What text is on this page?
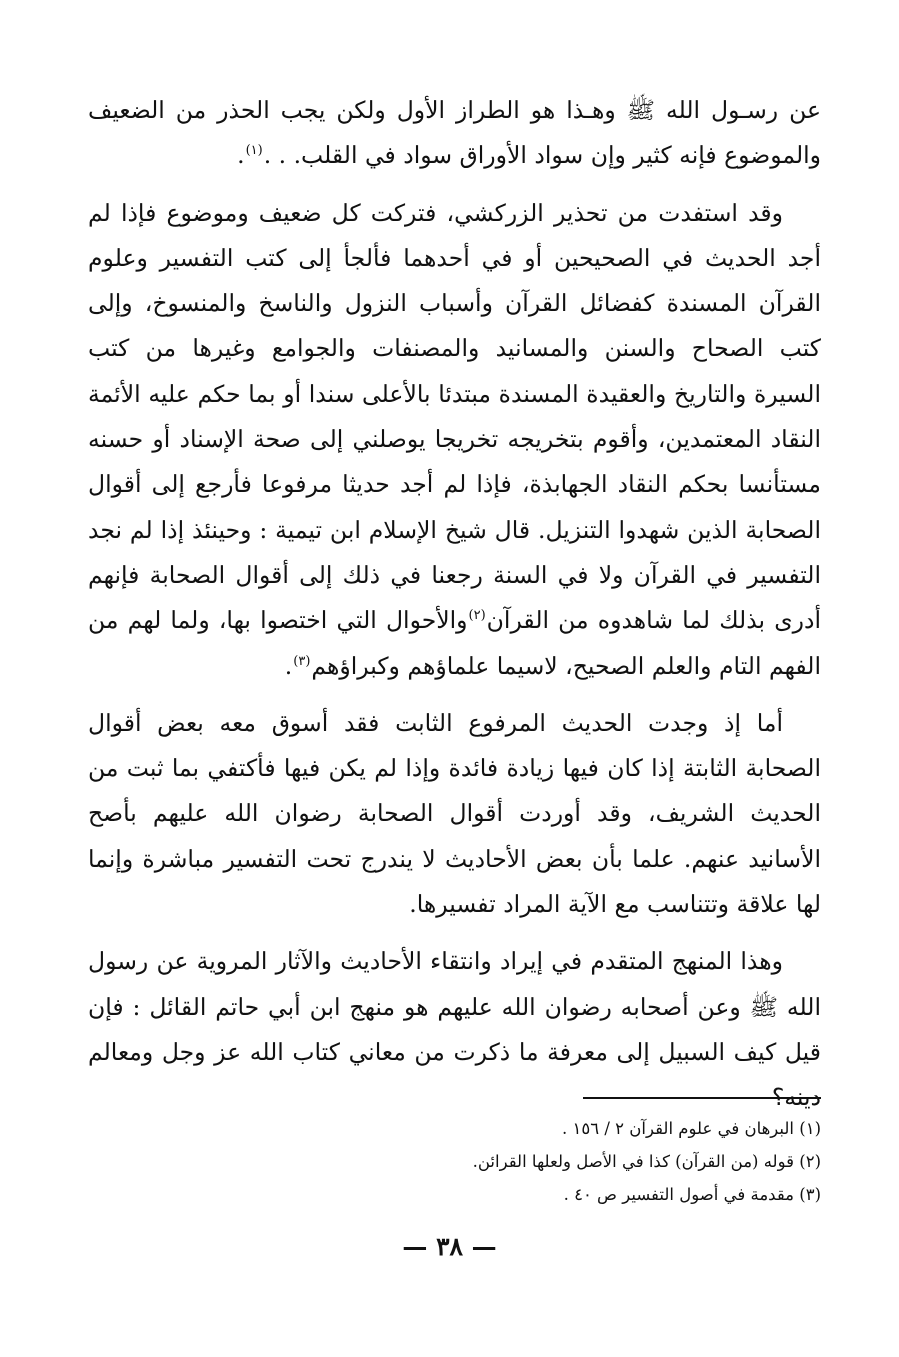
عن رسـول الله ﷺ وهـذا هو الطراز الأول ولكن يجب الحذر من الضعيف والموضوع فإنه كثير وإن سواد الأوراق سواد في القلب. . .$^{(١)}$.

وقد استفدت من تحذير الزركشي، فتركت كل ضعيف وموضوع فإذا لم أجد الحديث في الصحيحين أو في أحدهما فألجأ إلى كتب التفسير وعلوم القرآن المسندة كفضائل القرآن وأسباب النزول والناسخ والمنسوخ، وإلى كتب الصحاح والسنن والمسانيد والمصنفات والجوامع وغيرها من كتب السيرة والتاريخ والعقيدة المسندة مبتدئا بالأعلى سندا أو بما حكم عليه الأئمة النقاد المعتمدين، وأقوم بتخريجه تخريجا يوصلني إلى صحة الإسناد أو حسنه مستأنسا بحكم النقاد الجهابذة، فإذا لم أجد حديثا مرفوعا فأرجع إلى أقوال الصحابة الذين شهدوا التنزيل. قال شيخ الإسلام ابن تيمية : وحينئذ إذا لم نجد التفسير في القرآن ولا في السنة رجعنا في ذلك إلى أقوال الصحابة فإنهم أدرى بذلك لما شاهدوه من القرآن$^{(٢)}$والأحوال التي اختصوا بها، ولما لهم من الفهم التام والعلم الصحيح، لاسيما علماؤهم وكبراؤهم$^{(٣)}$.

أما إذ وجدت الحديث المرفوع الثابت فقد أسوق معه بعض أقوال الصحابة الثابتة إذا كان فيها زيادة فائدة وإذا لم يكن فيها فأكتفي بما ثبت من الحديث الشريف، وقد أوردت أقوال الصحابة رضوان الله عليهم بأصح الأسانيد عنهم. علما بأن بعض الأحاديث لا يندرج تحت التفسير مباشرة وإنما لها علاقة وتتناسب مع الآية المراد تفسيرها.

وهذا المنهج المتقدم في إيراد وانتقاء الأحاديث والآثار المروية عن رسول الله ﷺ وعن أصحابه رضوان الله عليهم هو منهج ابن أبي حاتم القائل : فإن قيل كيف السبيل إلى معرفة ما ذكرت من معاني كتاب الله عز وجل ومعالم دينه؟

(١) البرهان في علوم القرآن ٢ / ١٥٦ .

(٢) قوله (من القرآن) كذا في الأصل ولعلها القرائن.

(٣) مقدمة في أصول التفسير ص ٤٠ .

— ٣٨ —
